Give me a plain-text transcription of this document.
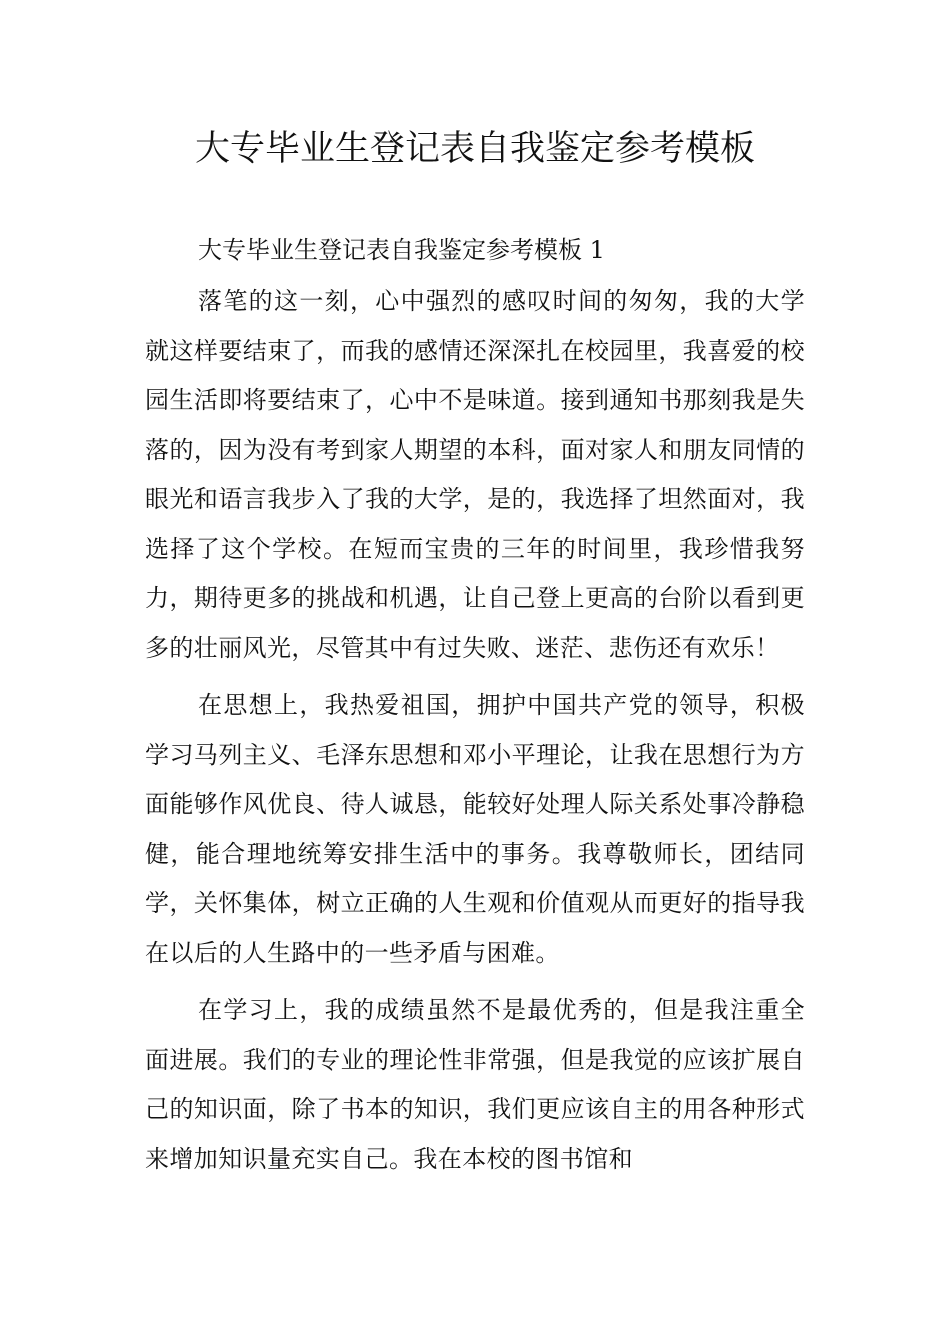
大专毕业生登记表自我鉴定参考模板

大专毕业生登记表自我鉴定参考模板 1

落笔的这一刻，心中强烈的感叹时间的匆匆，我的大学就这样要结束了，而我的感情还深深扎在校园里，我喜爱的校园生活即将要结束了，心中不是味道。接到通知书那刻我是失落的，因为没有考到家人期望的本科，面对家人和朋友同情的眼光和语言我步入了我的大学，是的，我选择了坦然面对，我选择了这个学校。在短而宝贵的三年的时间里，我珍惜我努力，期待更多的挑战和机遇，让自己登上更高的台阶以看到更多的壮丽风光，尽管其中有过失败、迷茫、悲伤还有欢乐！

在思想上，我热爱祖国，拥护中国共产党的领导，积极学习马列主义、毛泽东思想和邓小平理论，让我在思想行为方面能够作风优良、待人诚恳，能较好处理人际关系处事冷静稳健，能合理地统筹安排生活中的事务。我尊敬师长，团结同学，关怀集体，树立正确的人生观和价值观从而更好的指导我在以后的人生路中的一些矛盾与困难。

在学习上，我的成绩虽然不是最优秀的，但是我注重全面进展。我们的专业的理论性非常强，但是我觉的应该扩展自己的知识面，除了书本的知识，我们更应该自主的用各种形式来增加知识量充实自己。我在本校的图书馆和
